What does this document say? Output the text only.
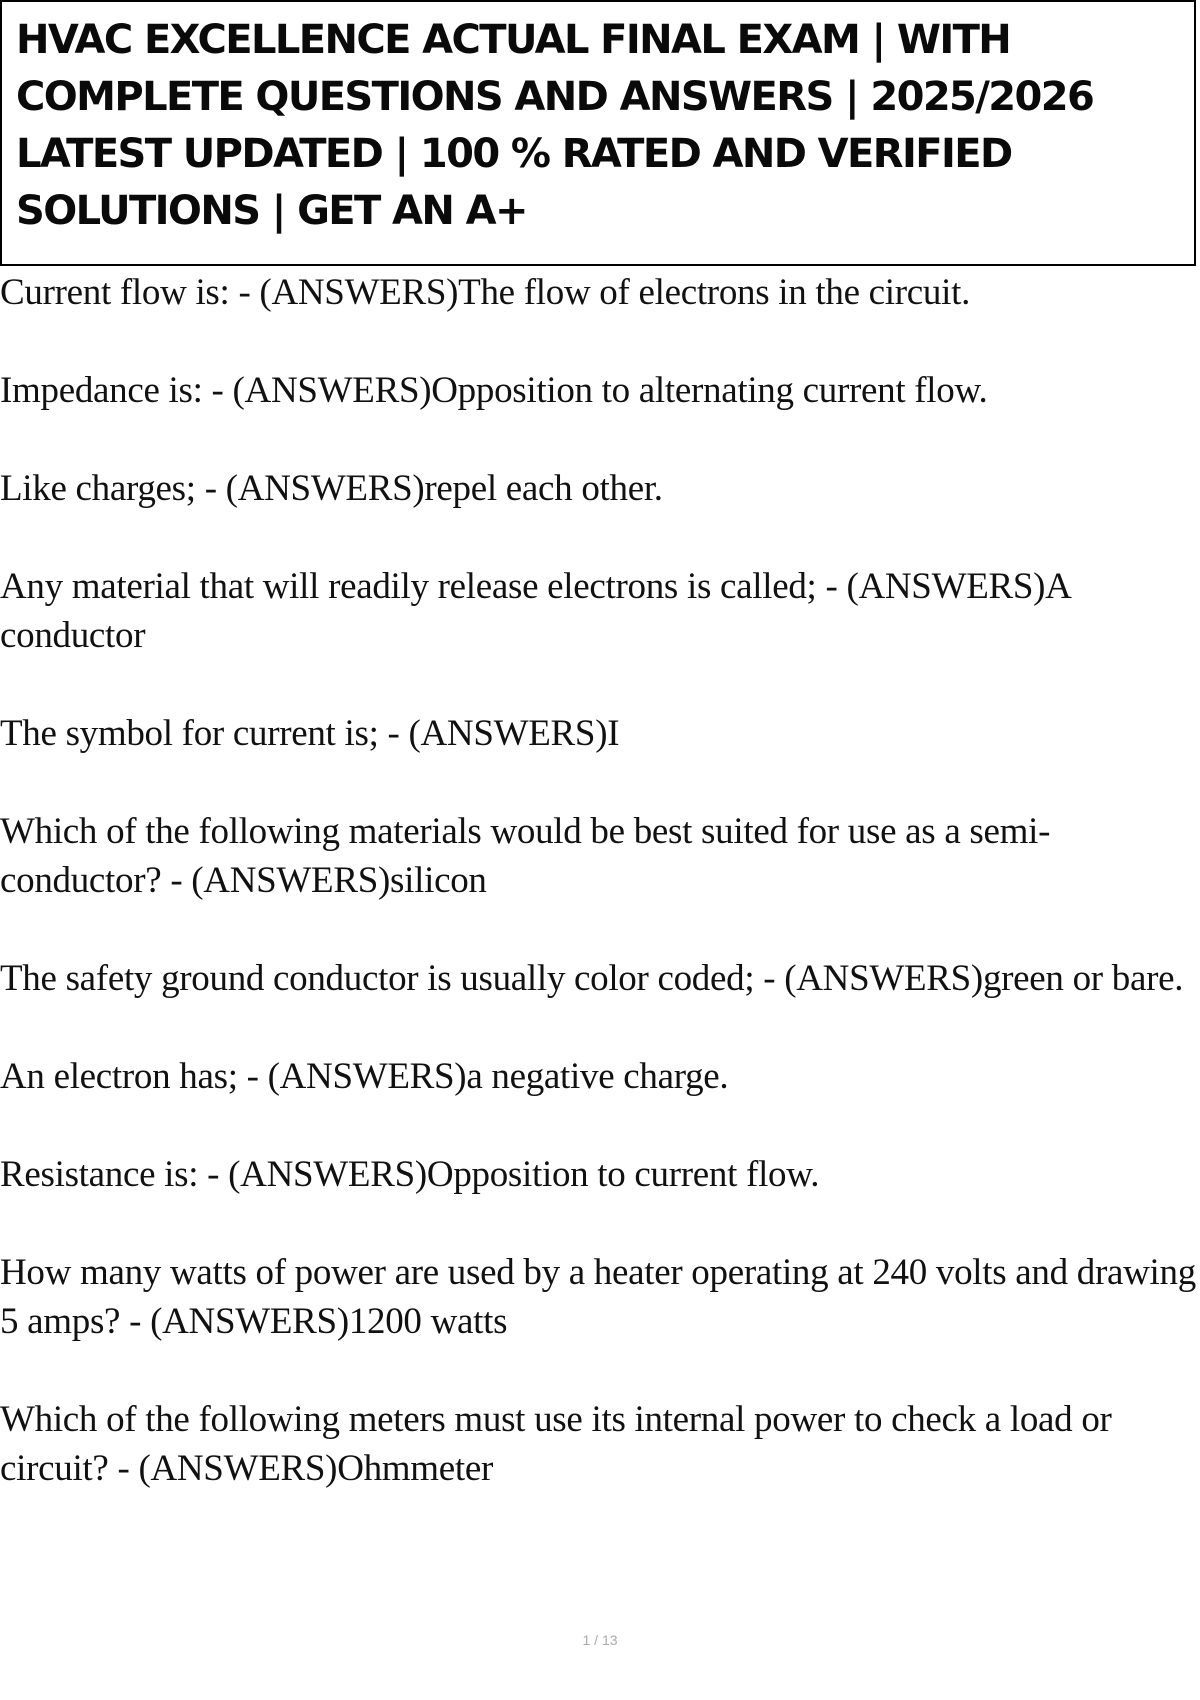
HVAC EXCELLENCE ACTUAL FINAL EXAM | WITH COMPLETE QUESTIONS AND ANSWERS | 2025/2026 LATEST UPDATED | 100 % RATED AND VERIFIED SOLUTIONS | GET AN A+

Current flow is: - (ANSWERS)The flow of electrons in the circuit.
Impedance is: - (ANSWERS)Opposition to alternating current flow.
Like charges; - (ANSWERS)repel each other.
Any material that will readily release electrons is called; - (ANSWERS)A conductor
The symbol for current is; - (ANSWERS)I
Which of the following materials would be best suited for use as a semi-conductor? - (ANSWERS)silicon
The safety ground conductor is usually color coded; - (ANSWERS)green or bare.
An electron has; - (ANSWERS)a negative charge.
Resistance is: - (ANSWERS)Opposition to current flow.
How many watts of power are used by a heater operating at 240 volts and drawing 5 amps? - (ANSWERS)1200 watts
Which of the following meters must use its internal power to check a load or circuit? - (ANSWERS)Ohmmeter
1 / 13
